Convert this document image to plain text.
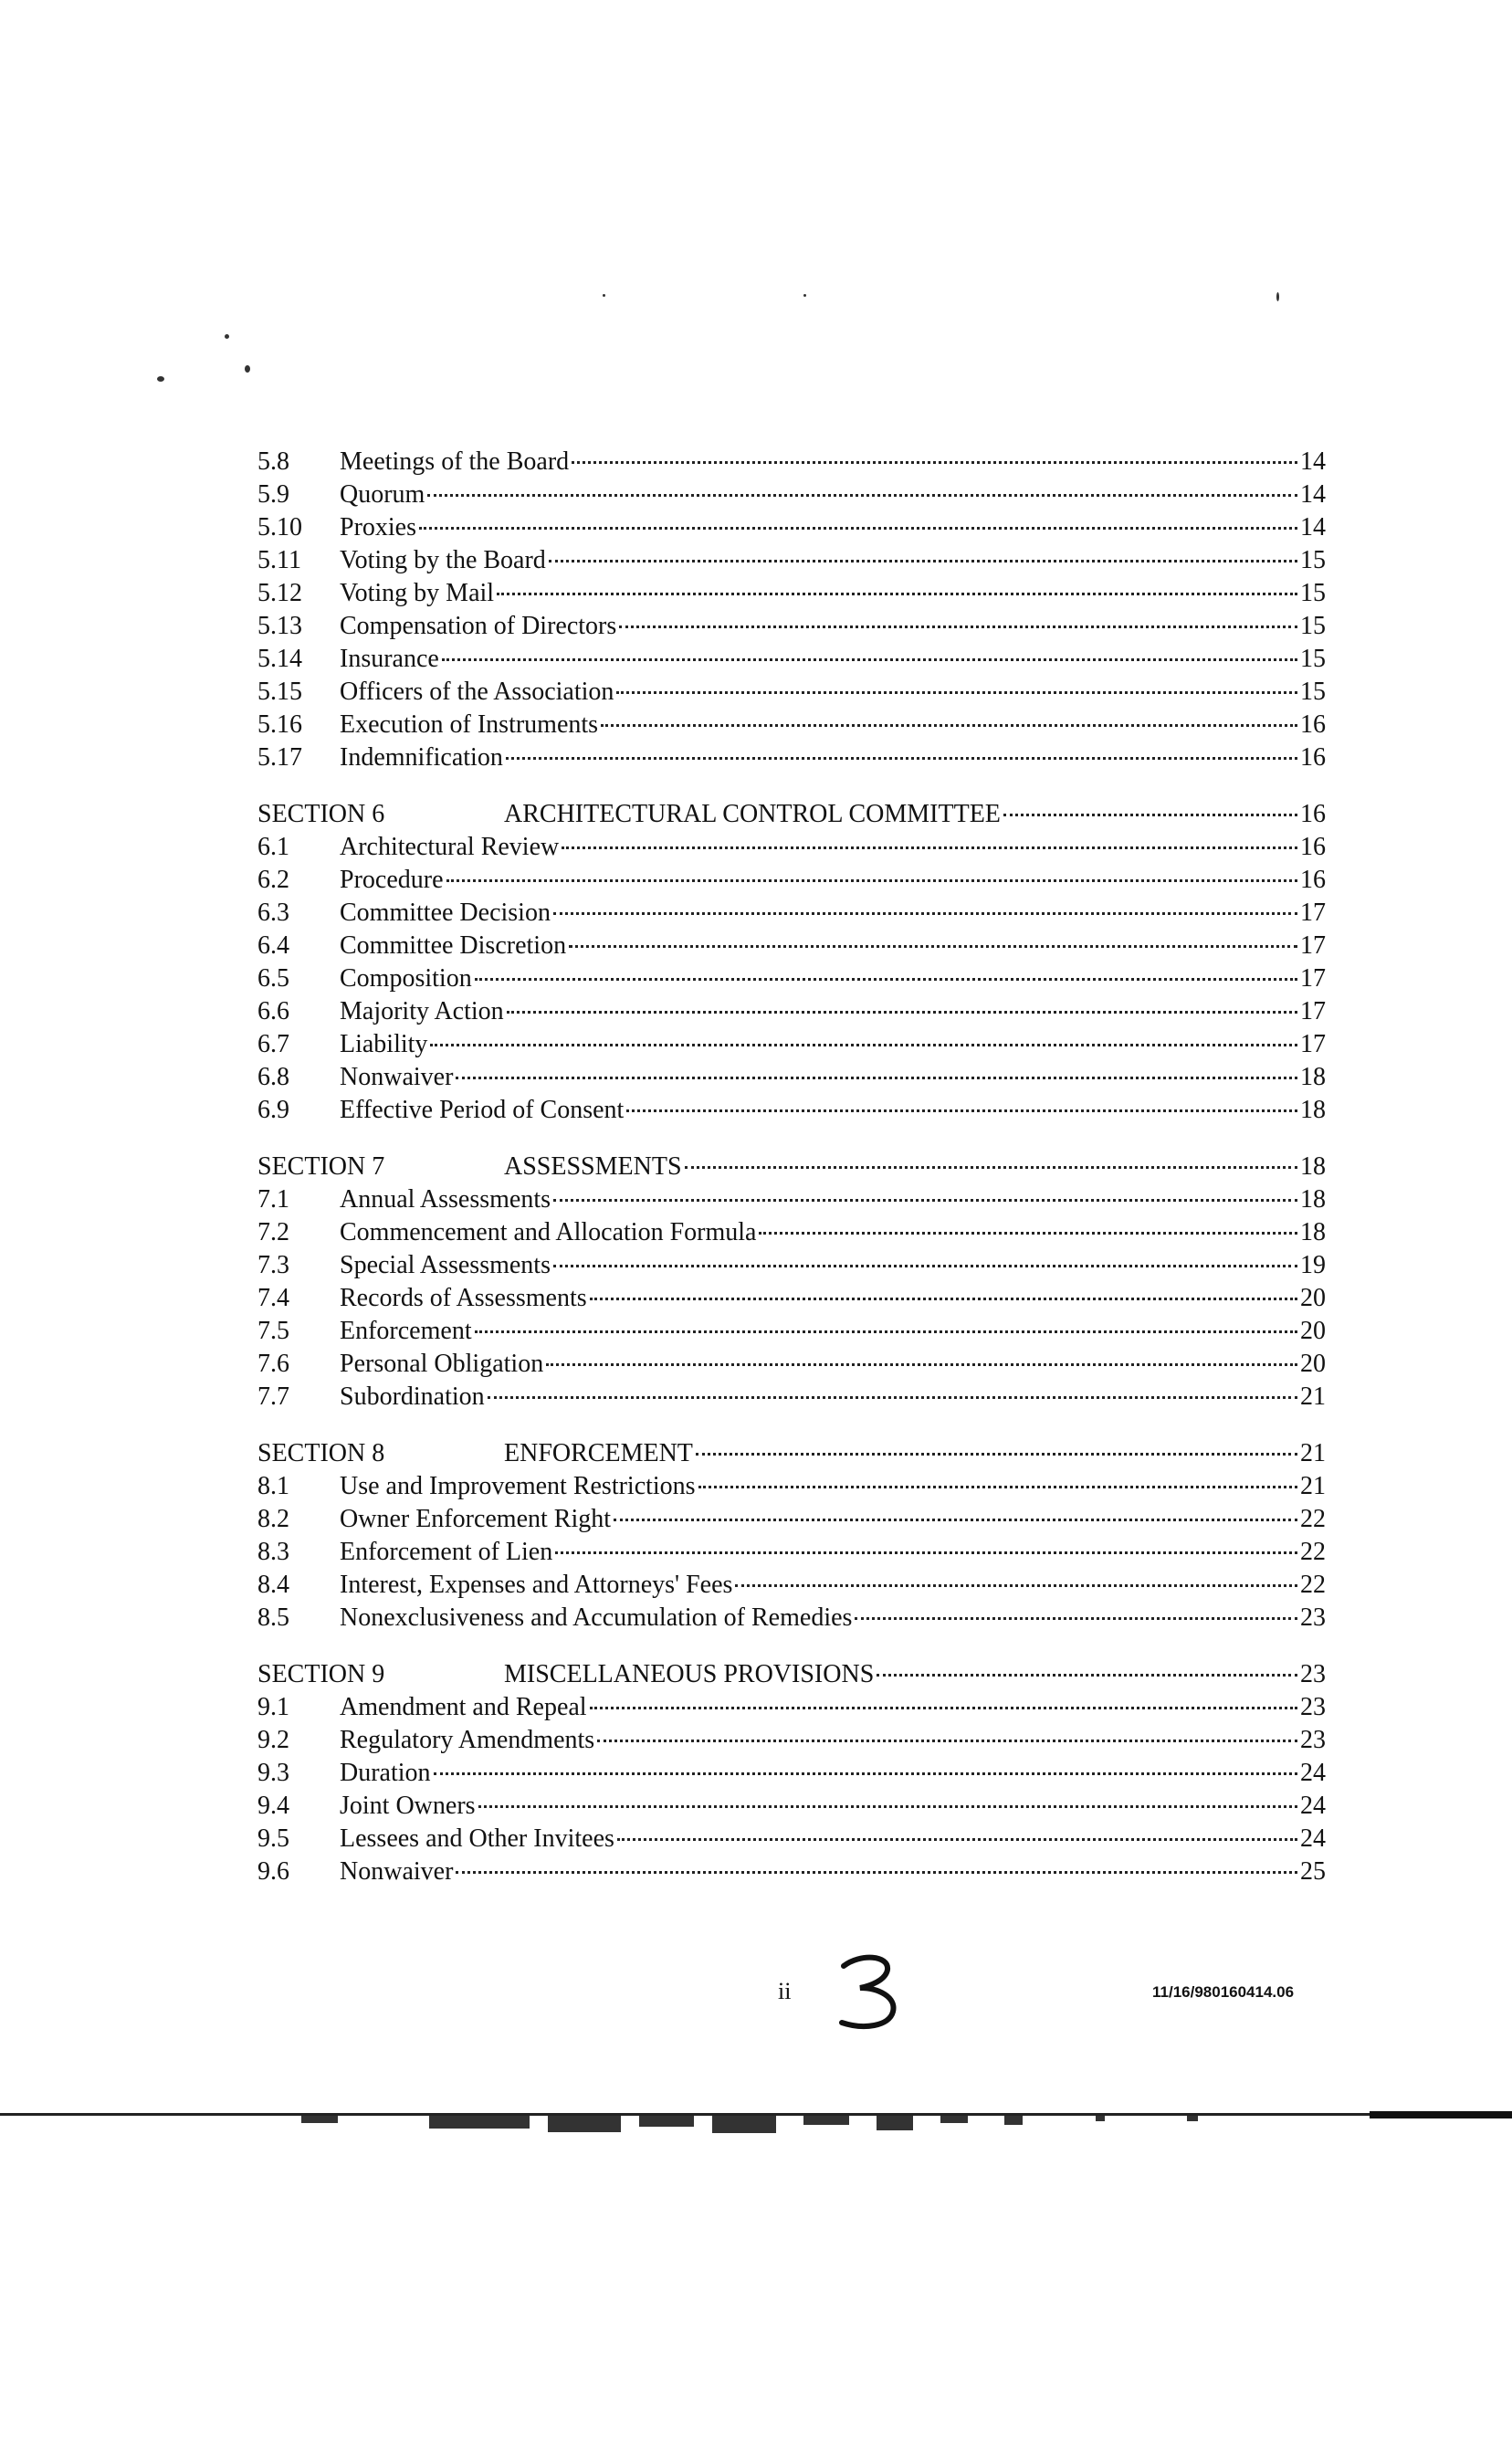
5.8	Meetings of the Board	14
5.9	Quorum	14
5.10	Proxies	14
5.11	Voting by the Board	15
5.12	Voting by Mail	15
5.13	Compensation of Directors	15
5.14	Insurance	15
5.15	Officers of the Association	15
5.16	Execution of Instruments	16
5.17	Indemnification	16
SECTION 6	ARCHITECTURAL CONTROL COMMITTEE	16
6.1	Architectural Review	16
6.2	Procedure	16
6.3	Committee Decision	17
6.4	Committee Discretion	17
6.5	Composition	17
6.6	Majority Action	17
6.7	Liability	17
6.8	Nonwaiver	18
6.9	Effective Period of Consent	18
SECTION 7	ASSESSMENTS	18
7.1	Annual Assessments	18
7.2	Commencement and Allocation Formula	18
7.3	Special Assessments	19
7.4	Records of Assessments	20
7.5	Enforcement	20
7.6	Personal Obligation	20
7.7	Subordination	21
SECTION 8	ENFORCEMENT	21
8.1	Use and Improvement Restrictions	21
8.2	Owner Enforcement Right	22
8.3	Enforcement of Lien	22
8.4	Interest, Expenses and Attorneys' Fees	22
8.5	Nonexclusiveness and Accumulation of Remedies	23
SECTION 9	MISCELLANEOUS PROVISIONS	23
9.1	Amendment and Repeal	23
9.2	Regulatory Amendments	23
9.3	Duration	24
9.4	Joint Owners	24
9.5	Lessees and Other Invitees	24
9.6	Nonwaiver	25
ii	11/16/980160414.06
